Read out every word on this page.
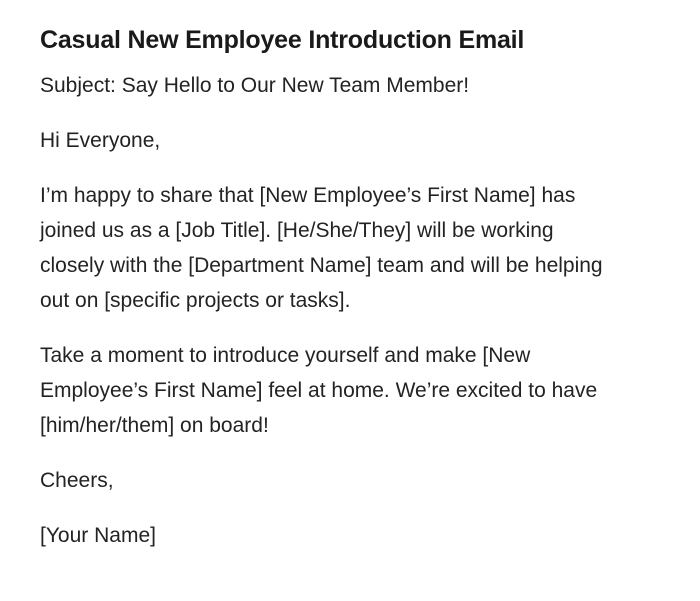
Casual New Employee Introduction Email

Subject: Say Hello to Our New Team Member!

Hi Everyone,

I’m happy to share that [New Employee’s First Name] has joined us as a [Job Title]. [He/She/They] will be working closely with the [Department Name] team and will be helping out on [specific projects or tasks].

Take a moment to introduce yourself and make [New Employee’s First Name] feel at home. We’re excited to have [him/her/them] on board!

Cheers,

[Your Name]
